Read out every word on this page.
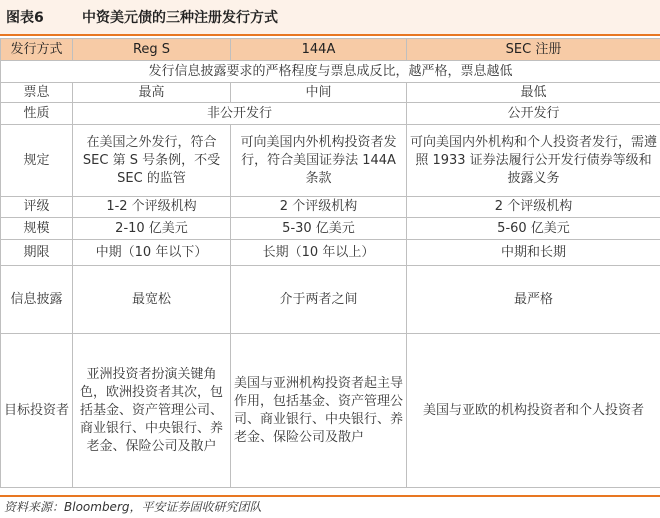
图表6	中资美元债的三种注册发行方式
发行方式	Reg S	144A	SEC 注册
发行信息披露要求的严格程度与票息成反比，越严格，票息越低			
票息	最高	中间	最低
性质	非公开发行		公开发行
规定	在美国之外发行，符合 SEC 第 S 号条例，不受 SEC 的监管	可向美国内外机构投资者发行，符合美国证券法 144A 条款	可向美国内外机构和个人投资者发行，需遵照 1933 证券法履行公开发行债券等级和披露义务
评级	1-2 个评级机构	2 个评级机构	2 个评级机构
规模	2-10 亿美元	5-30 亿美元	5-60 亿美元
期限	中期（10 年以下）	长期（10 年以上）	中期和长期
信息披露	最宽松	介于两者之间	最严格
目标投资者	亚洲投资者扮演关键角色，欧洲投资者其次，包括基金、资产管理公司、商业银行、中央银行、养老金、保险公司及散户	美国与亚洲机构投资者起主导作用，包括基金、资产管理公司、商业银行、中央银行、养老金、保险公司及散户	美国与亚欧的机构投资者和个人投资者
资料来源：Bloomberg，平安证券固收研究团队
